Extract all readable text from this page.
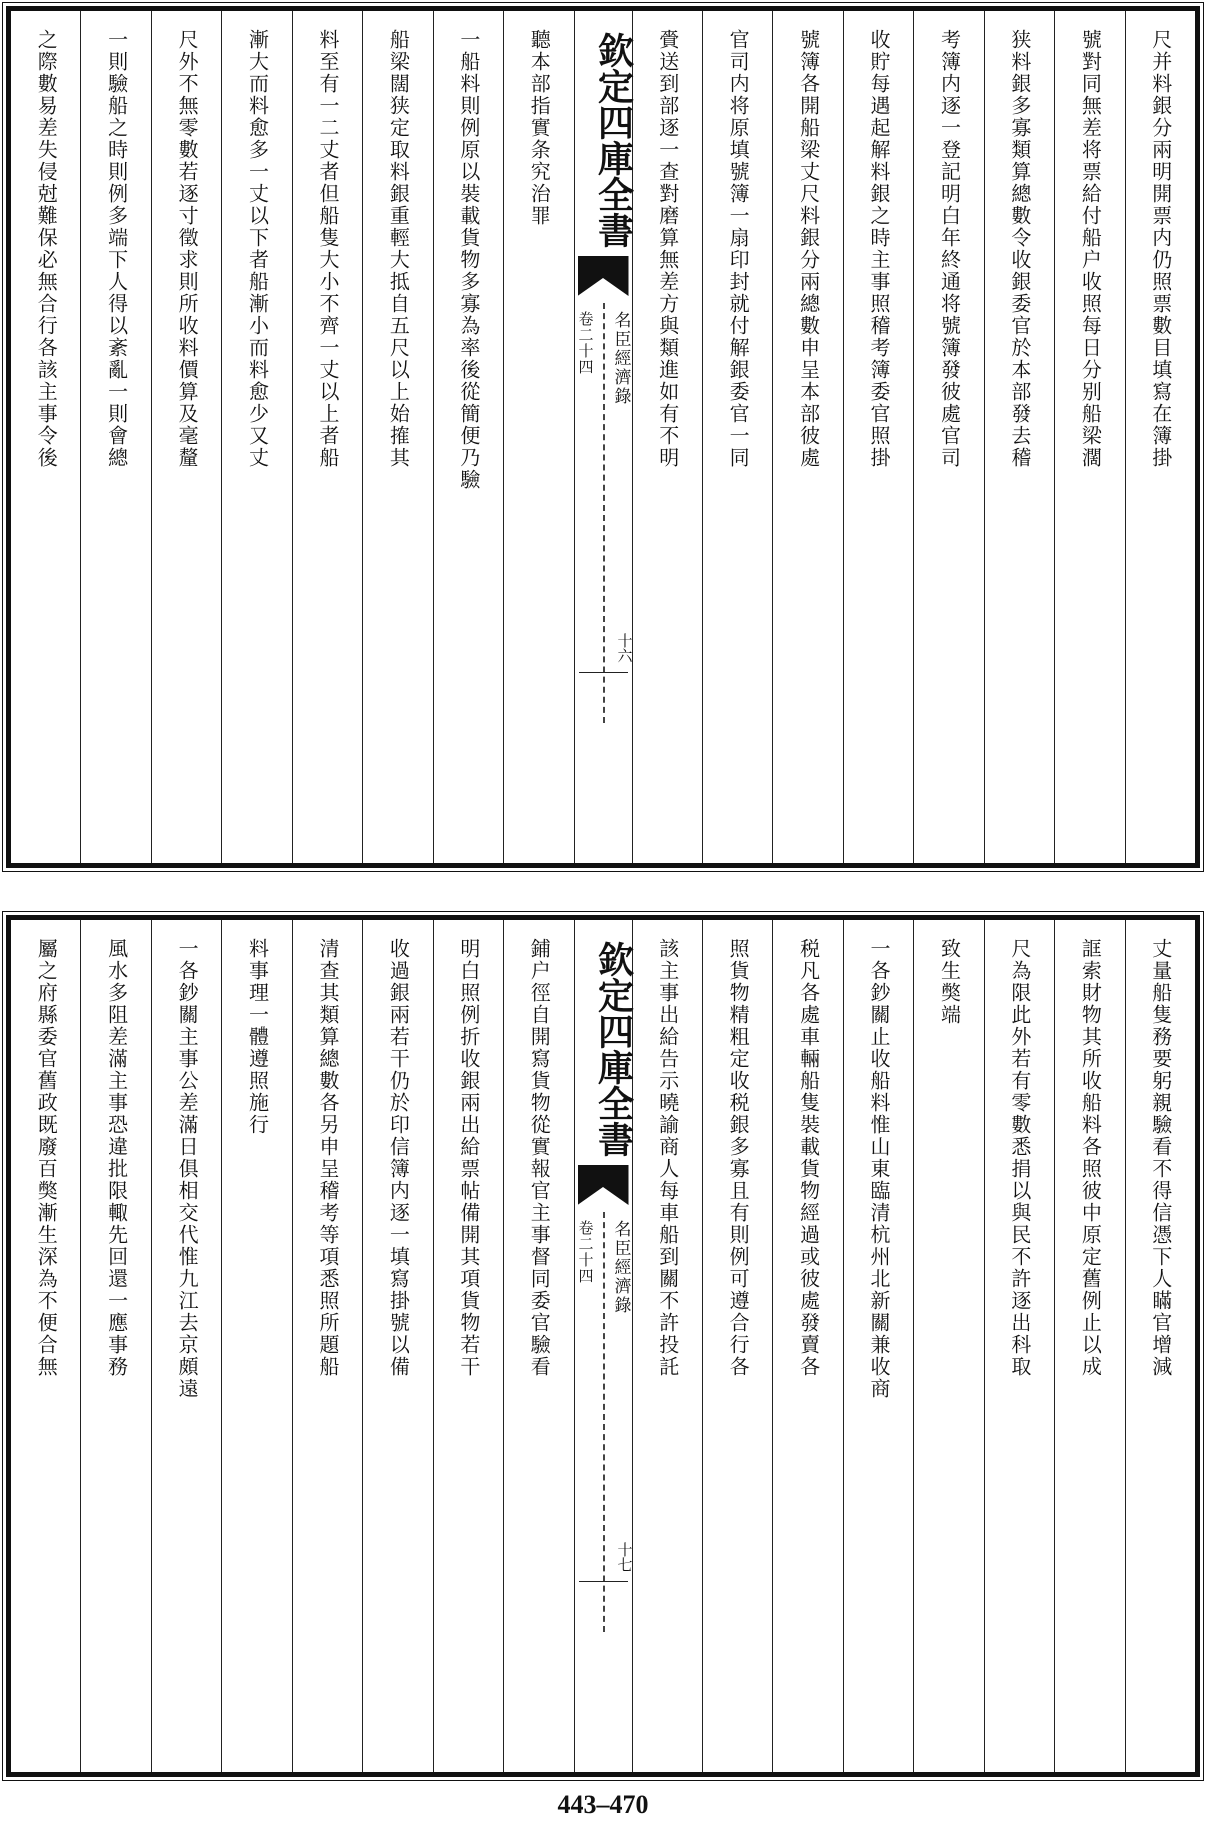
尺并料銀分兩明開票内仍照票數目填寫在簿掛
號對同無差将票給付船户收照每日分别船梁濶
狭料銀多寡類算總數令收銀委官於本部發去稽
考簿内逐一登記明白年終通将號簿發彼處官司
收貯每遇起解料銀之時主事照稽考簿委官照掛
號簿各開船梁丈尺料銀分兩總數申呈本部彼處
官司内将原填號簿一扇印封就付解銀委官一同
賫送到部逐一查對磨算無差方與類進如有不明
欽定四庫全書
名臣經濟錄
卷二十四
十六
聽本部指實条究治罪
一船料則例原以裝載貨物多寡為率後從簡便乃驗
船梁闊狭定取料銀重輕大抵自五尺以上始搉其
料至有一二丈者但船隻大小不齊一丈以上者船
漸大而料愈多一丈以下者船漸小而料愈少又丈
尺外不無零數若逐寸徵求則所收料價算及毫釐
一則驗船之時則例多端下人得以紊亂一則會總
之際數易差失侵尅難保必無合行各該主事令後
丈量船隻務要躬親驗看不得信憑下人瞞官增減
誆索財物其所收船料各照彼中原定舊例止以成
尺為限此外若有零數悉捐以與民不許逐出科取
致生獘端
一各鈔關止收船料惟山東臨清杭州北新關兼收商
税凡各處車輛船隻裝載貨物經過或彼處發賣各
照貨物精粗定收税銀多寡且有則例可遵合行各
該主事出給告示曉諭商人每車船到關不許投託
欽定四庫全書
名臣經濟錄
卷二十四
十七
鋪户徑自開寫貨物從實報官主事督同委官驗看
明白照例折收銀兩出給票帖備開其項貨物若干
收過銀兩若干仍於印信簿内逐一填寫掛號以備
清查其類算總數各另申呈稽考等項悉照所題船
料事理一體遵照施行
一各鈔關主事公差滿日俱相交代惟九江去京頗遠
風水多阻差滿主事恐違批限輙先回還一應事務
屬之府縣委官舊政既廢百獘漸生深為不便合無
443–470
